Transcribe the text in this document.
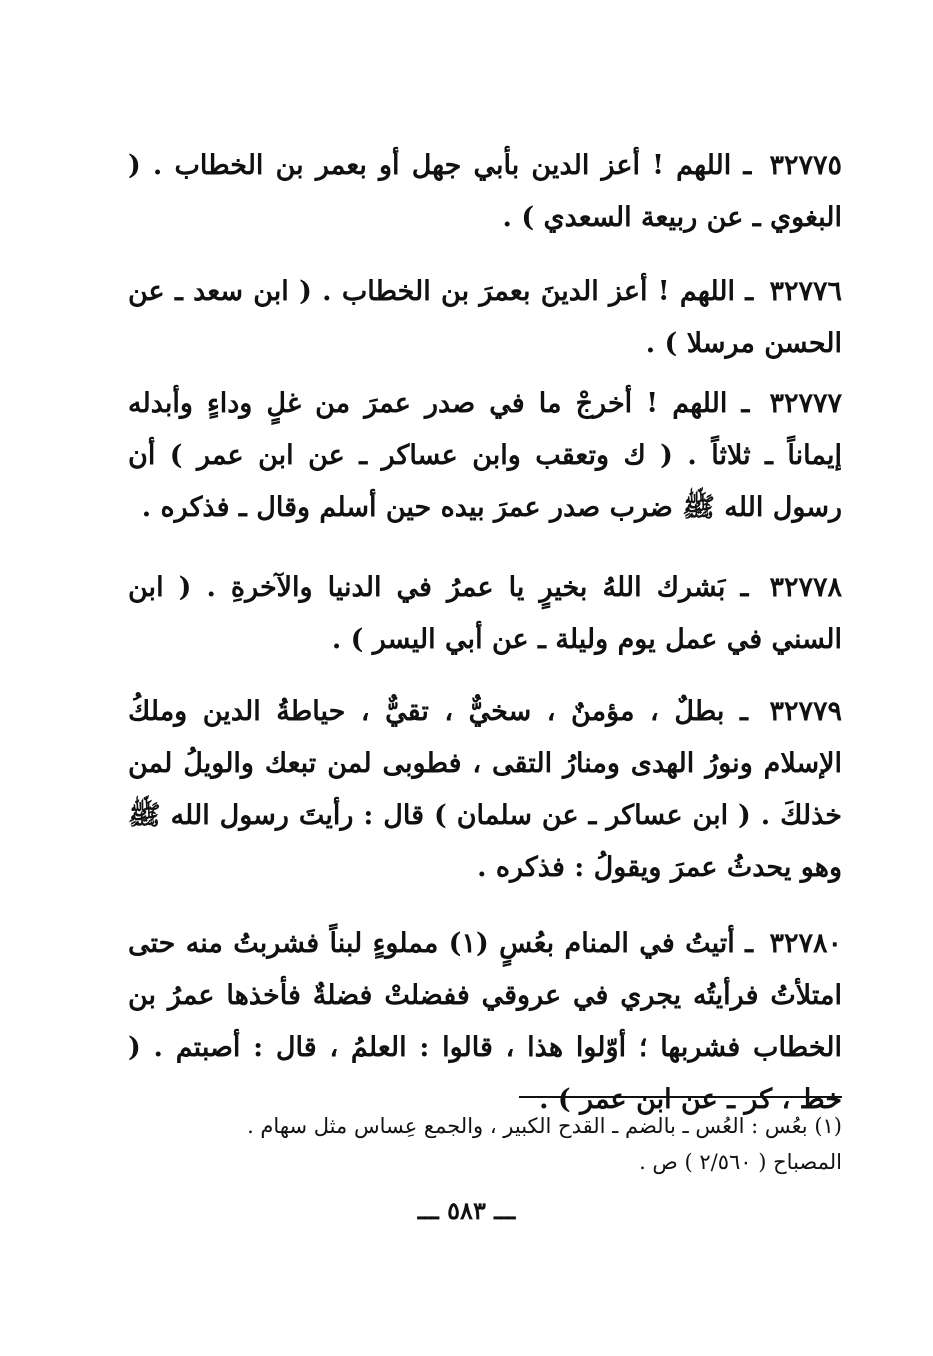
٣٢٧٧٥ ـ اللهم ! أعز الدين بأبي جهل أو بعمر بن الخطاب . ( البغوي ـ عن ربيعة السعدي ) .

٣٢٧٧٦ ـ اللهم ! أعز الدينَ بعمرَ بن الخطاب . ( ابن سعد ـ عن الحسن مرسلا ) .

٣٢٧٧٧ ـ اللهم ! أخرجْ ما في صدر عمرَ من غلٍ وداءٍ وأبدله إيماناً ـ ثلاثاً . ( ك وتعقب وابن عساكر ـ عن ابن عمر ) أن رسول الله ﷺ ضرب صدر عمرَ بيده حين أسلم وقال ـ فذكره .

٣٢٧٧٨ ـ بَشرك اللهُ بخيرٍ يا عمرُ في الدنيا والآخرةِ . ( ابن السني في عمل يوم وليلة ـ عن أبي اليسر ) .

٣٢٧٧٩ ـ بطلٌ ، مؤمنٌ ، سخيٌّ ، تقيٌّ ، حياطةُ الدين وملكُ الإسلام ونورُ الهدى ومنارُ التقى ، فطوبى لمن تبعك والويلُ لمن خذلكَ . ( ابن عساكر ـ عن سلمان ) قال : رأيتَ رسول الله ﷺ وهو يحدثُ عمرَ ويقولُ : فذكره .

٣٢٧٨٠ ـ أتيتُ في المنام بعُسٍ (١) مملوءٍ لبناً فشربتُ منه حتى امتلأتُ فرأيتُه يجري في عروقي ففضلتْ فضلةٌ فأخذها عمرُ بن الخطاب فشربها ؛ أوّلوا هذا ، قالوا : العلمُ ، قال : أصبتم . ( خط ، كر ـ عن ابن عمر ) .

(١) بعُس : العُس ـ بالضم ـ القدح الكبير ، والجمع عِساس مثل سهام .
المصباح ( ٢/٥٦٠ ) ص .
ـــ ٥٨٣ ـــ
